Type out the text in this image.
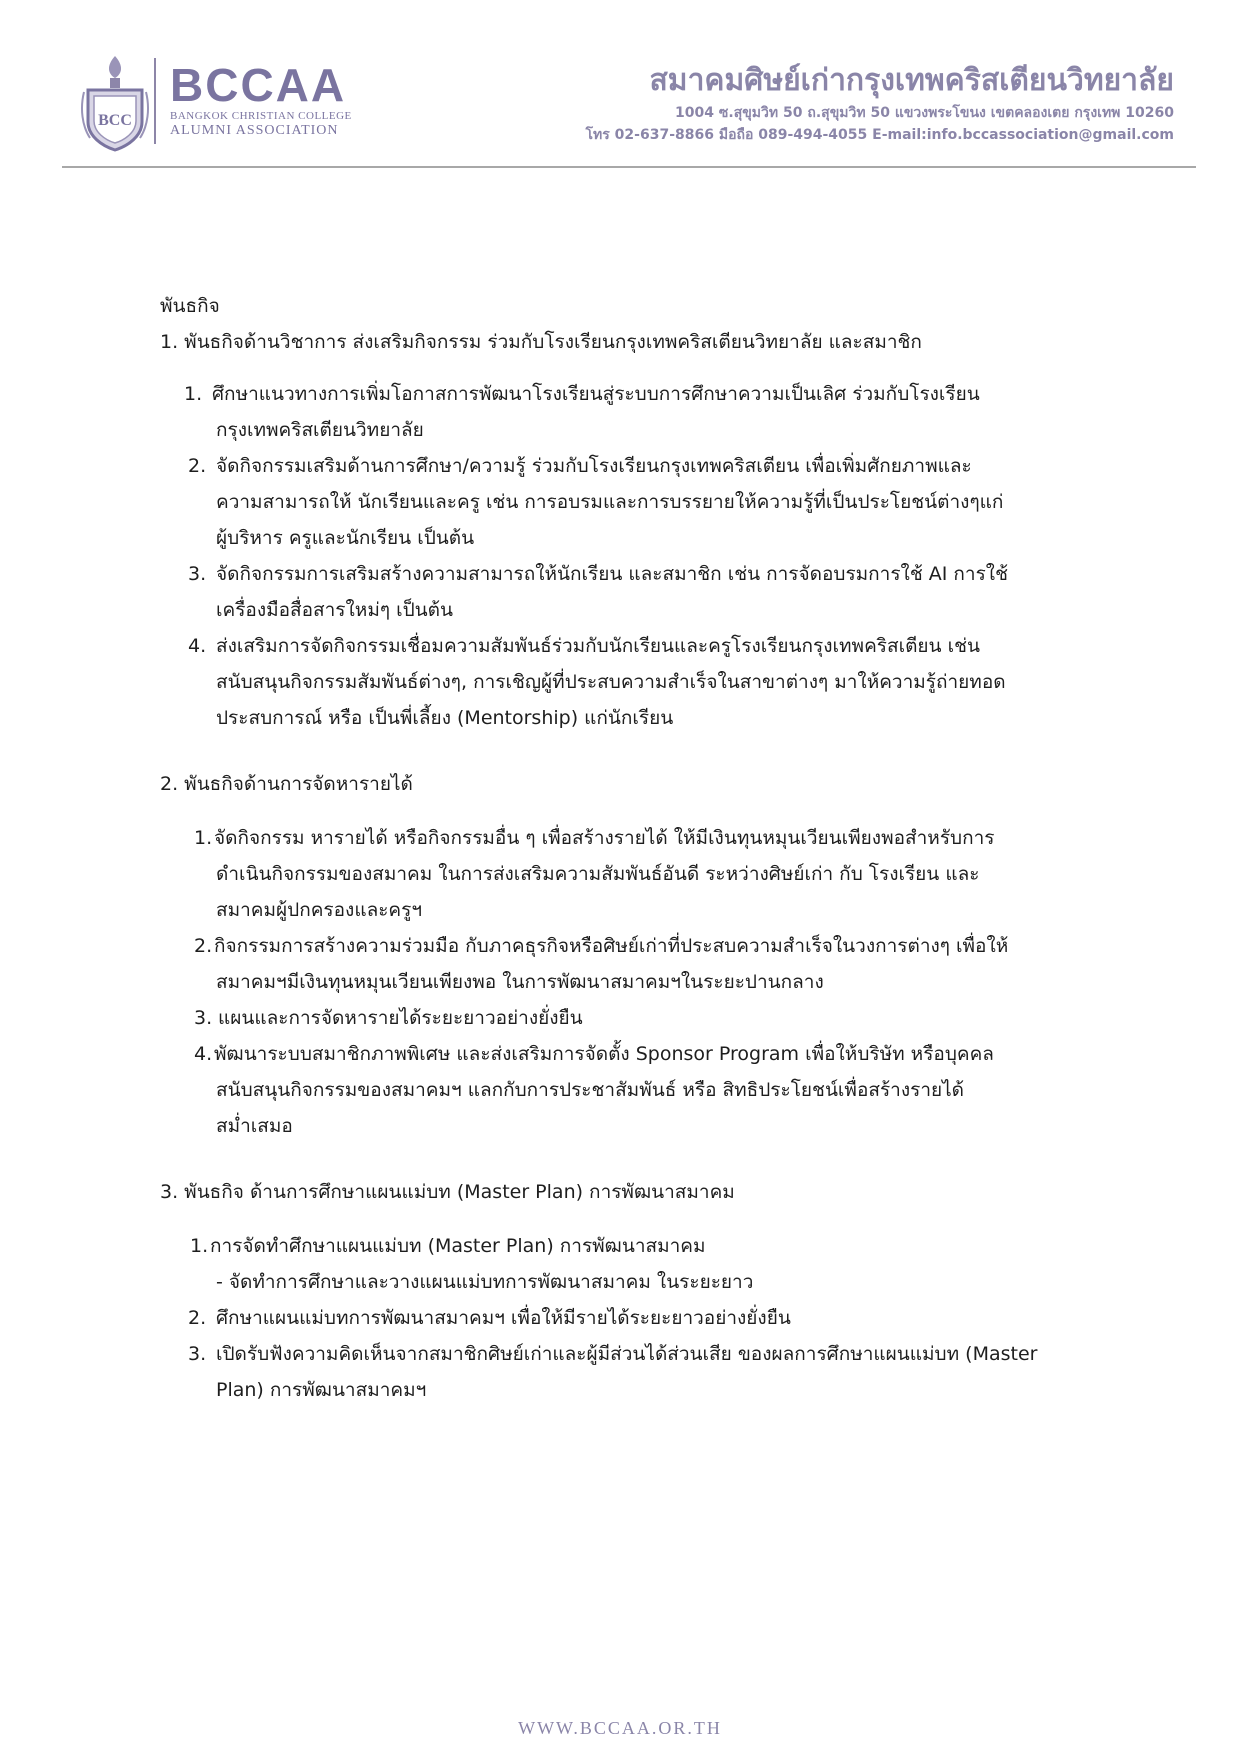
BCC
BCCAA
BANGKOK CHRISTIAN COLLEGE
ALUMNI ASSOCIATION
สมาคมศิษย์เก่ากรุงเทพคริสเตียนวิทยาลัย
1004 ซ.สุขุมวิท 50 ถ.สุขุมวิท 50 แขวงพระโขนง เขตคลองเตย กรุงเทพ 10260
โทร 02-637-8866 มือถือ 089-494-4055 E-mail:info.bccassociation@gmail.com
พันธกิจ
1. พันธกิจด้านวิชาการ ส่งเสริมกิจกรรม ร่วมกับโรงเรียนกรุงเทพคริสเตียนวิทยาลัย และสมาชิก
1. ศึกษาแนวทางการเพิ่มโอกาสการพัฒนาโรงเรียนสู่ระบบการศึกษาความเป็นเลิศ ร่วมกับโรงเรียน
กรุงเทพคริสเตียนวิทยาลัย
2. จัดกิจกรรมเสริมด้านการศึกษา/ความรู้ ร่วมกับโรงเรียนกรุงเทพคริสเตียน เพื่อเพิ่มศักยภาพและ
ความสามารถให้ นักเรียนและครู เช่น การอบรมและการบรรยายให้ความรู้ที่เป็นประโยชน์ต่างๆแก่
ผู้บริหาร ครูและนักเรียน เป็นต้น
3. จัดกิจกรรมการเสริมสร้างความสามารถให้นักเรียน และสมาชิก เช่น การจัดอบรมการใช้ AI การใช้
เครื่องมือสื่อสารใหม่ๆ เป็นต้น
4. ส่งเสริมการจัดกิจกรรมเชื่อมความสัมพันธ์ร่วมกับนักเรียนและครูโรงเรียนกรุงเทพคริสเตียน เช่น
สนับสนุนกิจกรรมสัมพันธ์ต่างๆ, การเชิญผู้ที่ประสบความสำเร็จในสาขาต่างๆ มาให้ความรู้ถ่ายทอด
ประสบการณ์ หรือ เป็นพี่เลี้ยง (Mentorship) แก่นักเรียน
2. พันธกิจด้านการจัดหารายได้
1. จัดกิจกรรม หารายได้ หรือกิจกรรมอื่น ๆ เพื่อสร้างรายได้ ให้มีเงินทุนหมุนเวียนเพียงพอสำหรับการ
ดำเนินกิจกรรมของสมาคม ในการส่งเสริมความสัมพันธ์อันดี ระหว่างศิษย์เก่า กับ โรงเรียน และ
สมาคมผู้ปกครองและครูฯ
2. กิจกรรมการสร้างความร่วมมือ กับภาคธุรกิจหรือศิษย์เก่าที่ประสบความสำเร็จในวงการต่างๆ เพื่อให้
สมาคมฯมีเงินทุนหมุนเวียนเพียงพอ ในการพัฒนาสมาคมฯในระยะปานกลาง
3. แผนและการจัดหารายได้ระยะยาวอย่างยั่งยืน
4. พัฒนาระบบสมาชิกภาพพิเศษ และส่งเสริมการจัดตั้ง Sponsor Program เพื่อให้บริษัท หรือบุคคล
สนับสนุนกิจกรรมของสมาคมฯ แลกกับการประชาสัมพันธ์ หรือ สิทธิประโยชน์เพื่อสร้างรายได้
สม่ำเสมอ
3. พันธกิจ ด้านการศึกษาแผนแม่บท (Master Plan) การพัฒนาสมาคม
1. การจัดทำศึกษาแผนแม่บท (Master Plan) การพัฒนาสมาคม
- จัดทำการศึกษาและวางแผนแม่บทการพัฒนาสมาคม ในระยะยาว
2. ศึกษาแผนแม่บทการพัฒนาสมาคมฯ เพื่อให้มีรายได้ระยะยาวอย่างยั่งยืน
3. เปิดรับฟังความคิดเห็นจากสมาชิกศิษย์เก่าและผู้มีส่วนได้ส่วนเสีย ของผลการศึกษาแผนแม่บท (Master
Plan) การพัฒนาสมาคมฯ
WWW.BCCAA.OR.TH
